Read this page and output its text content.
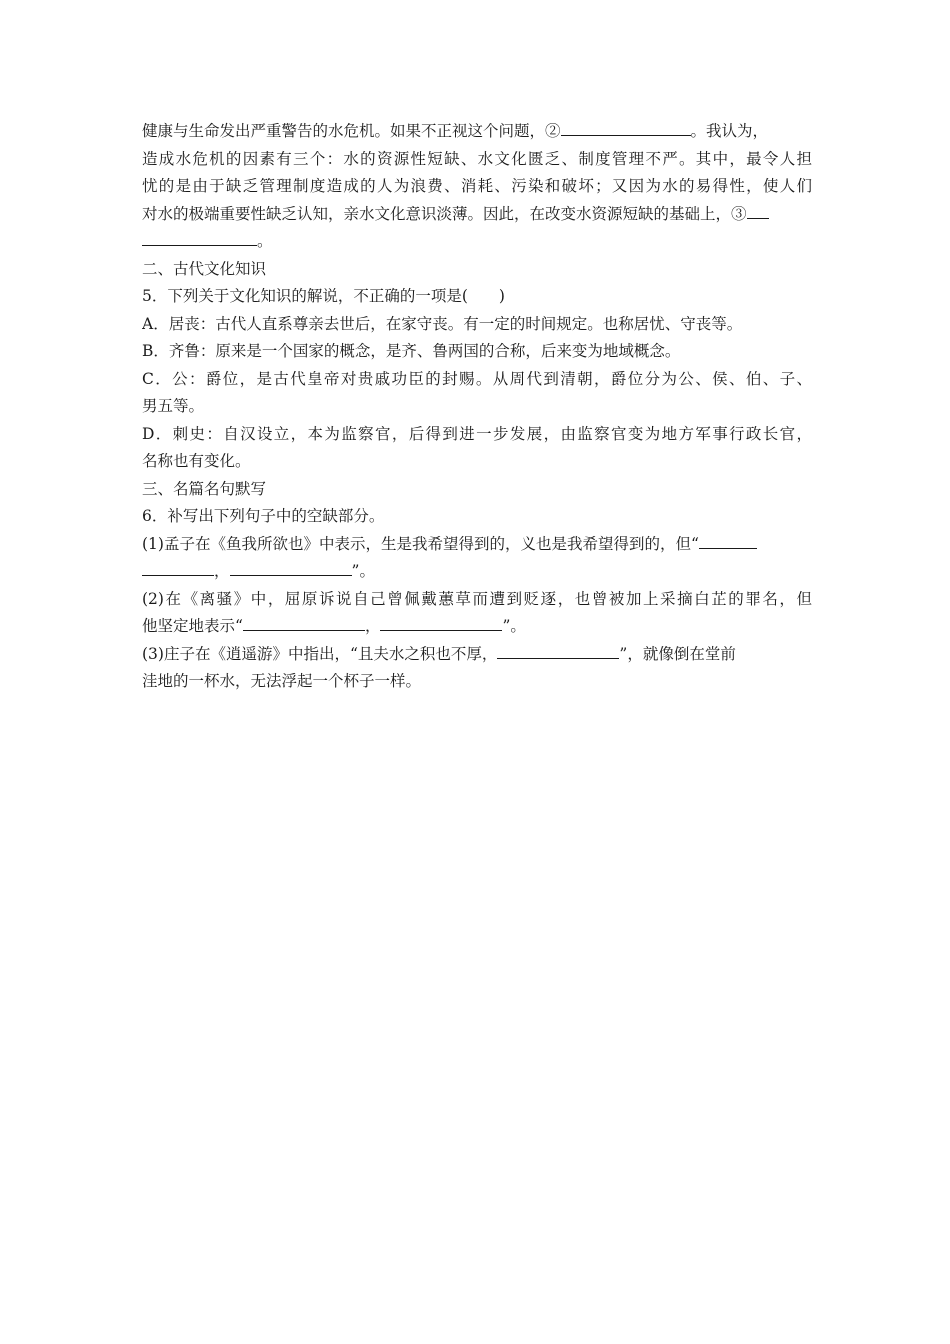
健康与生命发出严重警告的水危机。如果不正视这个问题，②	。我认为，
造成水危机的因素有三个：水的资源性短缺、水文化匮乏、制度管理不严。其中，最令人担
忧的是由于缺乏管理制度造成的人为浪费、消耗、污染和破坏；又因为水的易得性，使人们
对水的极端重要性缺乏认知，亲水文化意识淡薄。因此，在改变水资源短缺的基础上，③
。
二、古代文化知识
5．下列关于文化知识的解说，不正确的一项是(　　)
A．居丧：古代人直系尊亲去世后，在家守丧。有一定的时间规定。也称居忧、守丧等。
B．齐鲁：原来是一个国家的概念，是齐、鲁两国的合称，后来变为地域概念。
C．公：爵位，是古代皇帝对贵戚功臣的封赐。从周代到清朝，爵位分为公、侯、伯、子、
男五等。
D．刺史：自汉设立，本为监察官，后得到进一步发展，由监察官变为地方军事行政长官，
名称也有变化。
三、名篇名句默写
6．补写出下列句子中的空缺部分。
(1)孟子在《鱼我所欲也》中表示，生是我希望得到的，义也是我希望得到的，但“
，	”。
(2)在《离骚》中，屈原诉说自己曾佩戴蕙草而遭到贬逐，也曾被加上采摘白芷的罪名，但
他坚定地表示“	，	”。
(3)庄子在《逍遥游》中指出，“且夫水之积也不厚，	”，就像倒在堂前
洼地的一杯水，无法浮起一个杯子一样。
